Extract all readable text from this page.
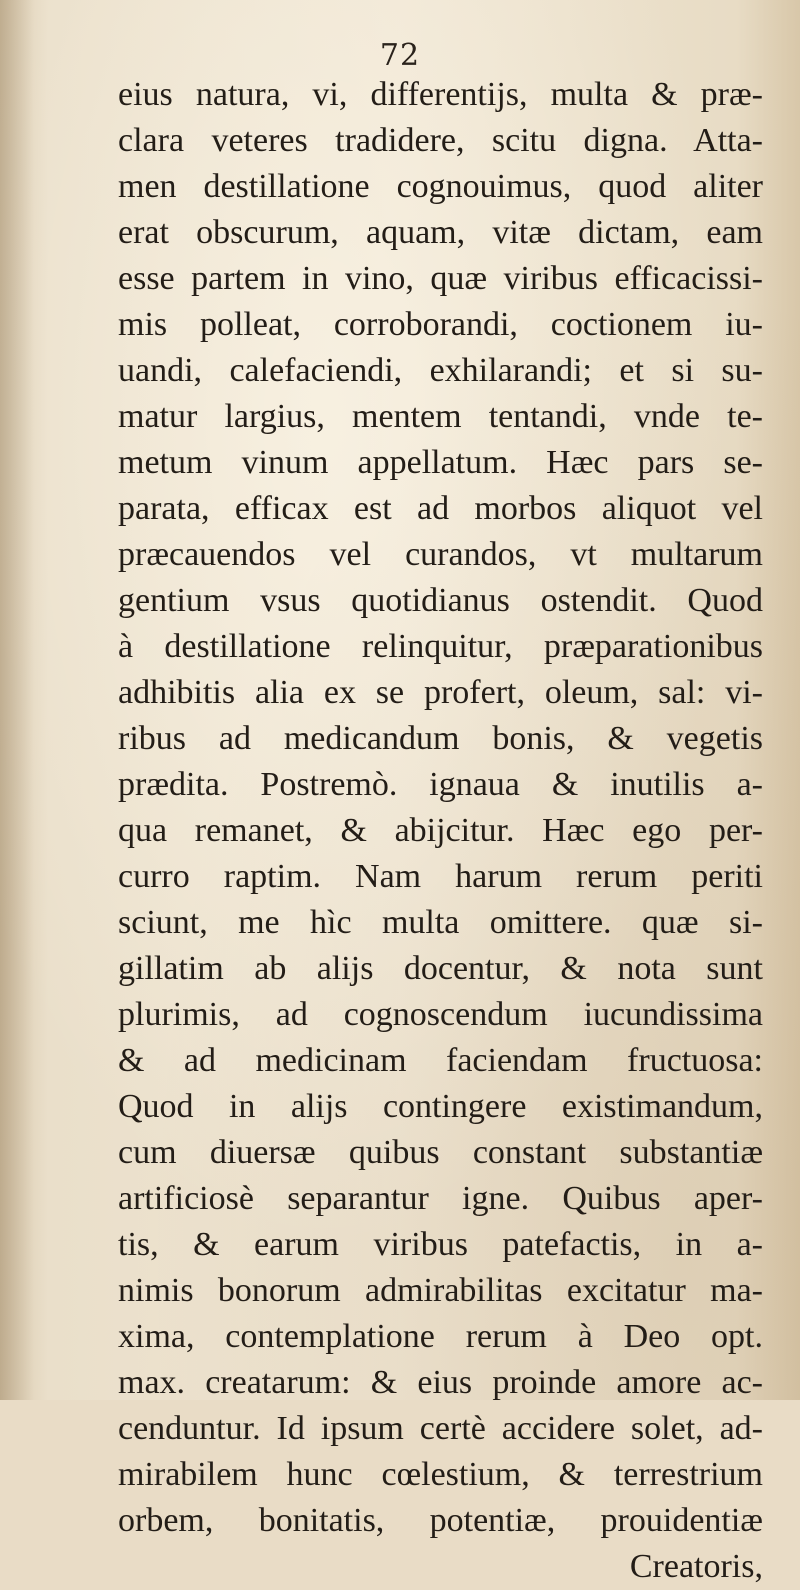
72
eius natura, vi, differentijs, multa & præ-
clara veteres tradidere, scitu digna. Atta-
men destillatione cognouimus, quod aliter
erat obscurum, aquam, vitæ dictam, eam
esse partem in vino, quæ viribus efficacissi-
mis polleat, corroborandi, coctionem iu-
uandi, calefaciendi, exhilarandi; et si su-
matur largius, mentem tentandi, vnde te-
metum vinum appellatum. Hæc pars se-
parata, efficax est ad morbos aliquot vel
præcauendos vel curandos, vt multarum
gentium vsus quotidianus ostendit. Quod
à destillatione relinquitur, præparationibus
adhibitis alia ex se profert, oleum, sal: vi-
ribus ad medicandum bonis, & vegetis
prædita. Postremò. ignaua & inutilis a-
qua remanet, & abijcitur. Hæc ego per-
curro raptim. Nam harum rerum periti
sciunt, me hìc multa omittere. quæ si-
gillatim ab alijs docentur, & nota sunt
plurimis, ad cognoscendum iucundissima
& ad medicinam faciendam fructuosa:
Quod in alijs contingere existimandum,
cum diuersæ quibus constant substantiæ
artificiosè separantur igne. Quibus aper-
tis, & earum viribus patefactis, in a-
nimis bonorum admirabilitas excitatur ma-
xima, contemplatione rerum à Deo opt.
max. creatarum: & eius proinde amore ac-
cenduntur. Id ipsum certè accidere solet, ad-
mirabilem hunc cœlestium, & terrestrium
orbem, bonitatis, potentiæ, prouidentiæ
Creatoris,
